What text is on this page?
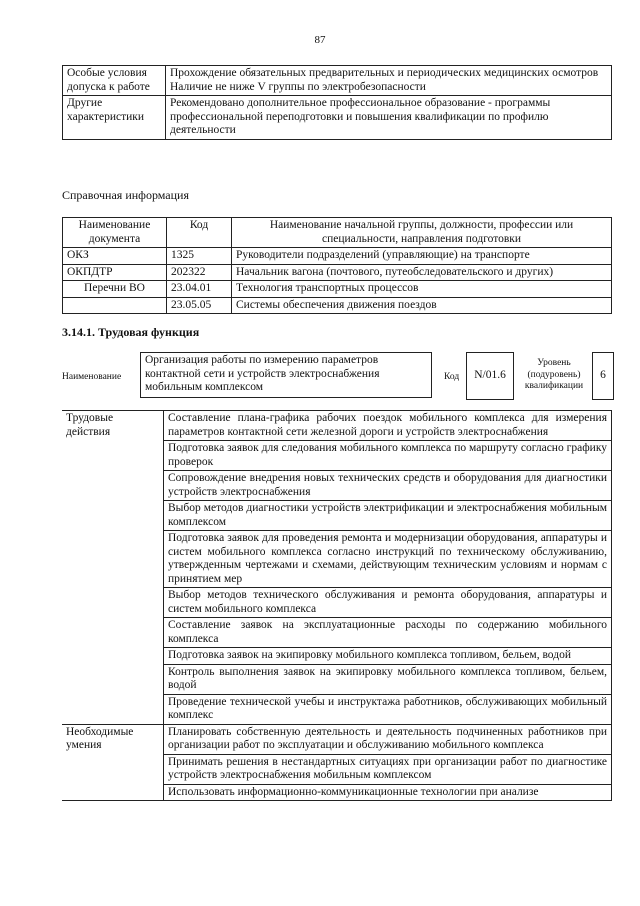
87
Особые условия допуска к работе	Прохождение обязательных предварительных и периодических медицинских осмотров
Наличие не ниже V группы по электробезопасности

Другие характеристики	Рекомендовано дополнительное профессиональное образование - программы профессиональной переподготовки и повышения квалификации по профилю деятельности
Справочная информация
Наименование документа	Код	Наименование начальной группы, должности, профессии или специальности, направления подготовки
ОКЗ	1325	Руководители подразделений (управляющие) на транспорте
ОКПДТР	202322	Начальник вагона (почтового, путеобследовательского и других)
Перечни ВО	23.04.01	Технология транспортных процессов
	23.05.05	Системы обеспечения движения поездов
3.14.1. Трудовая функция
Наименование
Организация работы по измерению параметров контактной сети и устройств электроснабжения мобильным комплексом
Код	N/01.6
Уровень (подуровень) квалификации
6
Трудовые действия	Составление плана-графика рабочих поездок мобильного комплекса для измерения параметров контактной сети железной дороги и устройств электроснабжения
	Подготовка заявок для следования мобильного комплекса по маршруту согласно графику проверок
	Сопровождение внедрения новых технических средств и оборудования для диагностики устройств электроснабжения
	Выбор методов диагностики устройств электрификации и электроснабжения мобильным комплексом
	Подготовка заявок для проведения ремонта и модернизации оборудования, аппаратуры и систем мобильного комплекса согласно инструкций по техническому обслуживанию, утвержденным чертежами и схемами, действующим техническим условиям и нормам с принятием мер
	Выбор методов технического обслуживания и ремонта оборудования, аппаратуры и систем мобильного комплекса
	Составление заявок на эксплуатационные расходы по содержанию мобильного комплекса
	Подготовка заявок на экипировку мобильного комплекса топливом, бельем, водой
	Контроль выполнения заявок на экипировку мобильного комплекса топливом, бельем, водой
	Проведение технической учебы и инструктажа работников, обслуживающих мобильный комплекс
Необходимые умения	Планировать собственную деятельность и деятельность подчиненных работников при организации работ по эксплуатации и обслуживанию мобильного комплекса
	Принимать решения в нестандартных ситуациях при организации работ по диагностике устройств электроснабжения мобильным комплексом
	Использовать информационно-коммуникационные технологии при анализе
